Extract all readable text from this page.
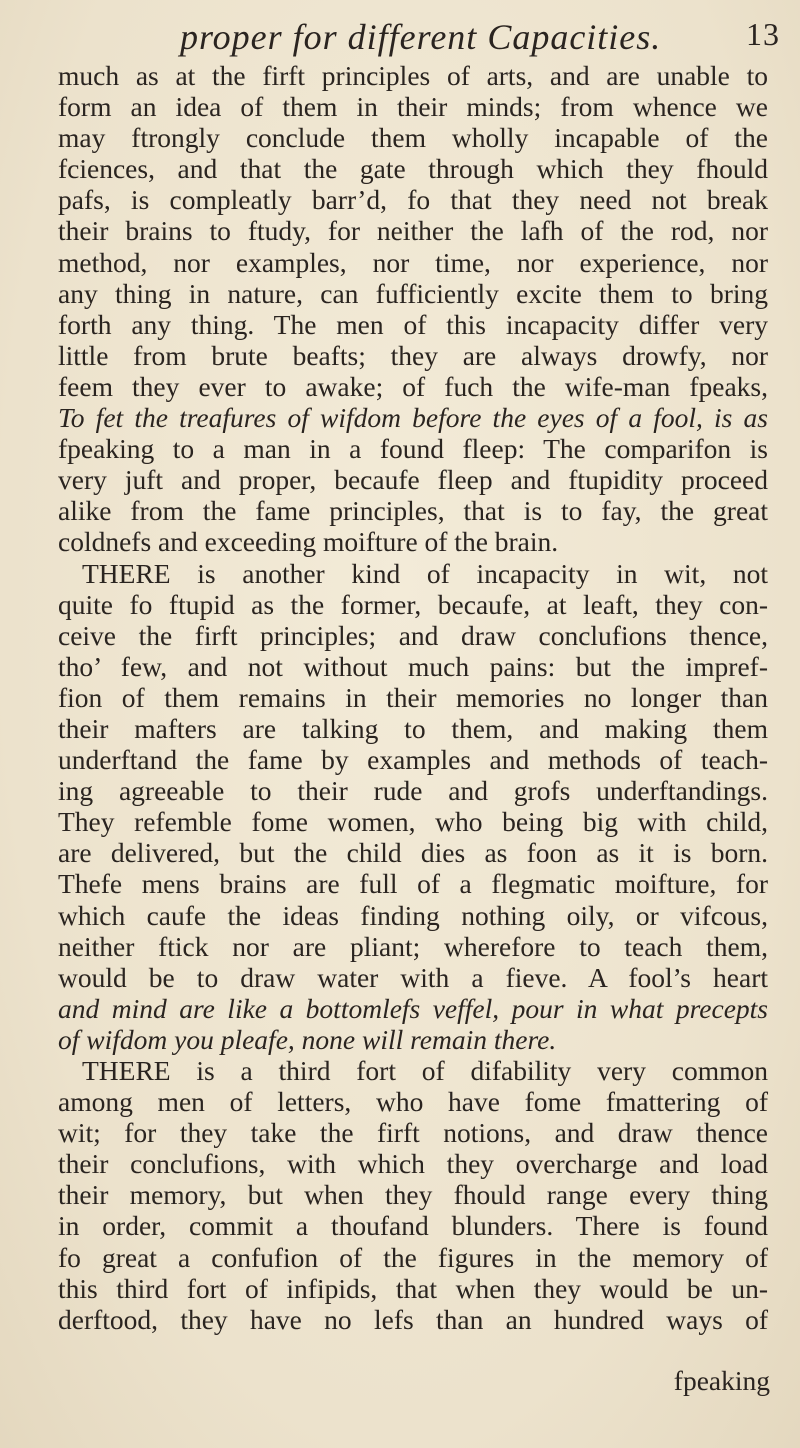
proper for different Capacities.	13
much as at the firft principles of arts, and are unable to
form an idea of them in their minds; from whence we
may ftrongly conclude them wholly incapable of the
fciences, and that the gate through which they fhould
pafs, is compleatly barr’d, fo that they need not break
their brains to ftudy, for neither the lafh of the rod, nor
method, nor examples, nor time, nor experience, nor
any thing in nature, can fufficiently excite them to bring
forth any thing. The men of this incapacity differ very
little from brute beafts; they are always drowfy, nor
feem they ever to awake; of fuch the wife-man fpeaks,
To fet the treafures of wifdom before the eyes of a fool, is as
fpeaking to a man in a found fleep: The comparifon is
very juft and proper, becaufe fleep and ftupidity proceed
alike from the fame principles, that is to fay, the great
coldnefs and exceeding moifture of the brain.
THERE is another kind of incapacity in wit, not
quite fo ftupid as the former, becaufe, at leaft, they con-
ceive the firft principles; and draw conclufions thence,
tho’ few, and not without much pains: but the impref-
fion of them remains in their memories no longer than
their mafters are talking to them, and making them
underftand the fame by examples and methods of teach-
ing agreeable to their rude and grofs underftandings.
They refemble fome women, who being big with child,
are delivered, but the child dies as foon as it is born.
Thefe mens brains are full of a flegmatic moifture, for
which caufe the ideas finding nothing oily, or vifcous,
neither ftick nor are pliant; wherefore to teach them,
would be to draw water with a fieve. A fool’s heart
and mind are like a bottomlefs veffel, pour in what precepts
of wifdom you pleafe, none will remain there.
THERE is a third fort of difability very common
among men of letters, who have fome fmattering of
wit; for they take the firft notions, and draw thence
their conclufions, with which they overcharge and load
their memory, but when they fhould range every thing
in order, commit a thoufand blunders. There is found
fo great a confufion of the figures in the memory of
this third fort of infipids, that when they would be un-
derftood, they have no lefs than an hundred ways of
fpeaking
